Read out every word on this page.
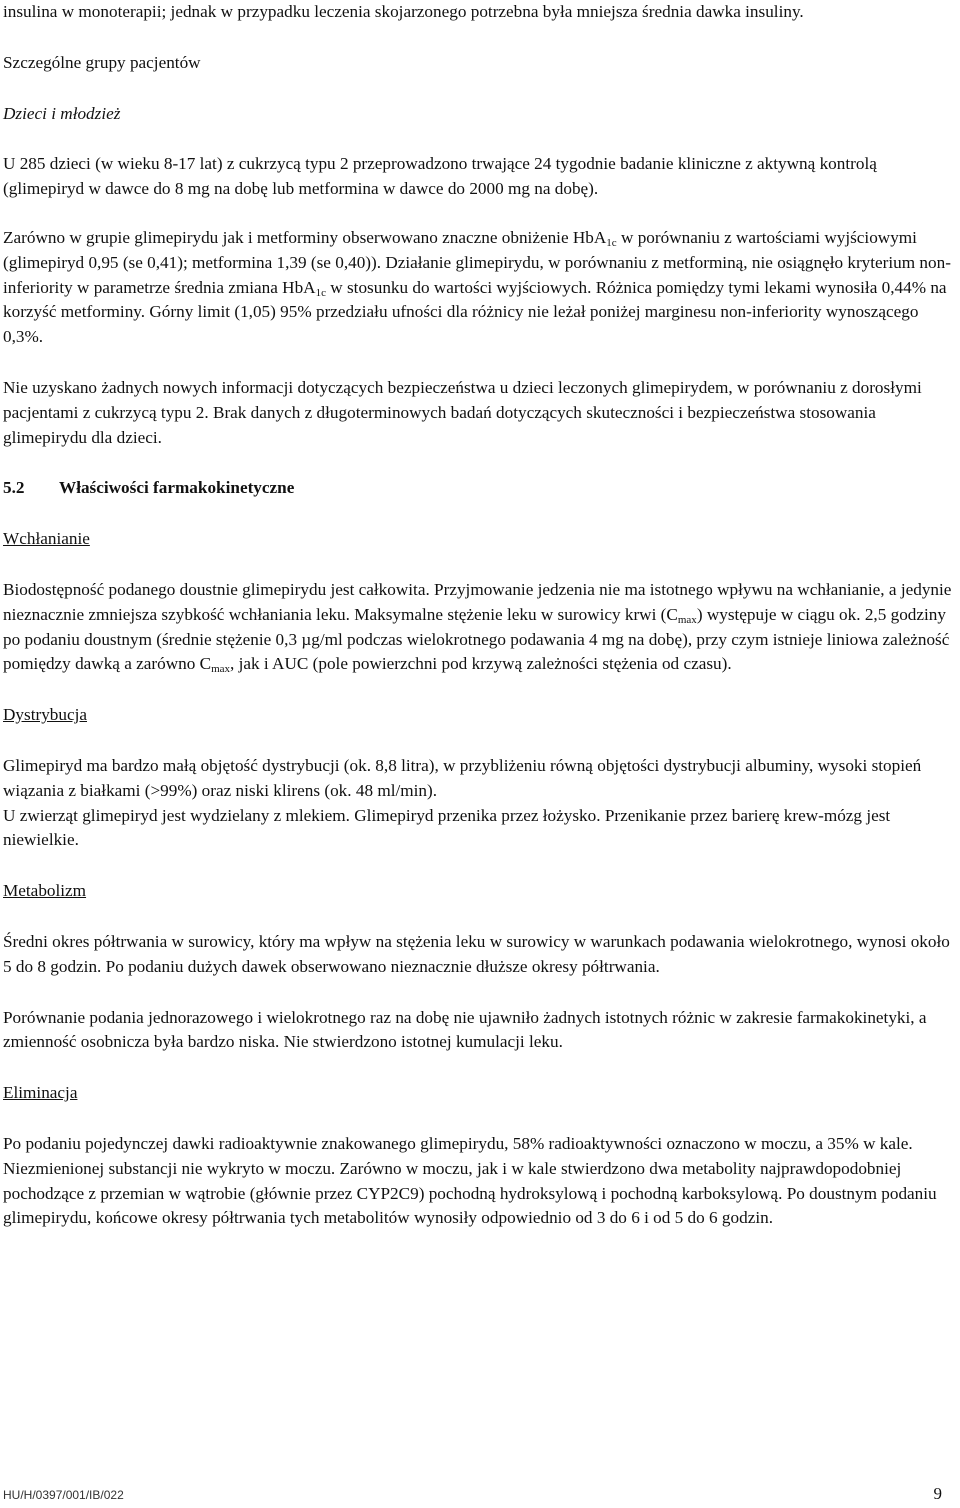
insulina w monoterapii; jednak w przypadku leczenia skojarzonego potrzebna była mniejsza średnia dawka insuliny.

Szczególne grupy pacjentów

Dzieci i młodzież

U 285 dzieci (w wieku 8-17 lat) z cukrzycą typu 2 przeprowadzono trwające 24 tygodnie badanie kliniczne z aktywną kontrolą (glimepiryd w dawce do 8 mg na dobę lub metformina w dawce do 2000 mg na dobę).

Zarówno w grupie glimepirydu jak i metforminy obserwowano znaczne obniżenie HbA$_{1c}$ w porównaniu z wartościami wyjściowymi (glimepiryd 0,95 (se 0,41); metformina 1,39 (se 0,40)). Działanie glimepirydu, w porównaniu z metforminą, nie osiągnęło kryterium non-inferiority w parametrze średnia zmiana HbA$_{1c}$ w stosunku do wartości wyjściowych. Różnica pomiędzy tymi lekami wynosiła 0,44% na korzyść metforminy. Górny limit (1,05) 95% przedziału ufności dla różnicy nie leżał poniżej marginesu non-inferiority wynoszącego 0,3%.

Nie uzyskano żadnych nowych informacji dotyczących bezpieczeństwa u dzieci leczonych glimepirydem, w porównaniu z dorosłymi pacjentami z cukrzycą typu 2. Brak danych z długoterminowych badań dotyczących skuteczności i bezpieczeństwa stosowania glimepirydu dla dzieci.

5.2	Właściwości farmakokinetyczne

Wchłanianie

Biodostępność podanego doustnie glimepirydu jest całkowita. Przyjmowanie jedzenia nie ma istotnego wpływu na wchłanianie, a jedynie nieznacznie zmniejsza szybkość wchłaniania leku. Maksymalne stężenie leku w surowicy krwi $(C_{max})$ występuje w ciągu ok. 2,5 godziny po podaniu doustnym (średnie stężenie 0,3 µg/ml podczas wielokrotnego podawania 4 mg na dobę), przy czym istnieje liniowa zależność pomiędzy dawką a zarówno $C_{max}$, jak i AUC (pole powierzchni pod krzywą zależności stężenia od czasu).

Dystrybucja

Glimepiryd ma bardzo małą objętość dystrybucji (ok. 8,8 litra), w przybliżeniu równą objętości dystrybucji albuminy, wysoki stopień wiązania z białkami (>99%) oraz niski klirens (ok. 48 ml/min).

U zwierząt glimepiryd jest wydzielany z mlekiem. Glimepiryd przenika przez łożysko. Przenikanie przez barierę krew-mózg jest niewielkie.

Metabolizm

Średni okres półtrwania w surowicy, który ma wpływ na stężenia leku w surowicy w warunkach podawania wielokrotnego, wynosi około 5 do 8 godzin. Po podaniu dużych dawek obserwowano nieznacznie dłuższe okresy półtrwania.

Porównanie podania jednorazowego i wielokrotnego raz na dobę nie ujawniło żadnych istotnych różnic w zakresie farmakokinetyki, a zmienność osobnicza była bardzo niska. Nie stwierdzono istotnej kumulacji leku.

Eliminacja

Po podaniu pojedynczej dawki radioaktywnie znakowanego glimepirydu, 58% radioaktywności oznaczono w moczu, a 35% w kale. Niezmienionej substancji nie wykryto w moczu. Zarówno w moczu, jak i w kale stwierdzono dwa metabolity najprawdopodobniej pochodzące z przemian w wątrobie (głównie przez CYP2C9) pochodną hydroksylową i pochodną karboksylową. Po doustnym podaniu glimepirydu, końcowe okresy półtrwania tych metabolitów wynosiły odpowiednio od 3 do 6 i od 5 do 6 godzin.

HU/H/0397/001/IB/022	9
